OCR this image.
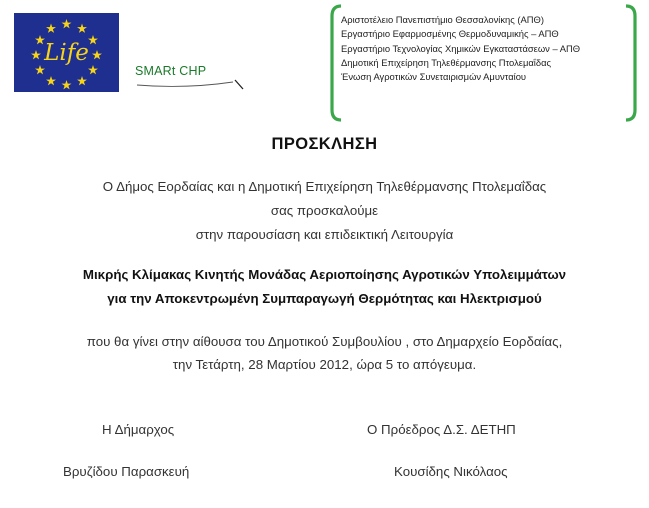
Life
SMARt CHP
Αριστοτέλειο Πανεπιστήμιο Θεσσαλονίκης (ΑΠΘ)
Εργαστήριο Εφαρμοσμένης Θερμοδυναμικής – ΑΠΘ
Εργαστήριο Τεχνολογίας Χημικών Εγκαταστάσεων – ΑΠΘ
Δημοτική Επιχείρηση Τηλεθέρμανσης Πτολεμαΐδας
Ένωση Αγροτικών Συνεταιρισμών Αμυνταίου
ΠΡΟΣΚΛΗΣΗ
Ο Δήμος Εορδαίας και η Δημοτική Επιχείρηση Τηλεθέρμανσης Πτολεμαΐδας
σας προσκαλούμε
στην παρουσίαση και επιδεικτική Λειτουργία
Μικρής Κλίμακας Κινητής Μονάδας Αεριοποίησης Αγροτικών Υπολειμμάτων
για την Αποκεντρωμένη Συμπαραγωγή Θερμότητας και Ηλεκτρισμού
που θα γίνει στην αίθουσα του Δημοτικού Συμβουλίου , στο Δημαρχείο Εορδαίας,
την Τετάρτη, 28 Μαρτίου 2012, ώρα 5 το απόγευμα.
Η Δήμαρχος	Ο Πρόεδρος Δ.Σ. ΔΕΤΗΠ
Βρυζίδου Παρασκευή	Κουσίδης Νικόλαος
